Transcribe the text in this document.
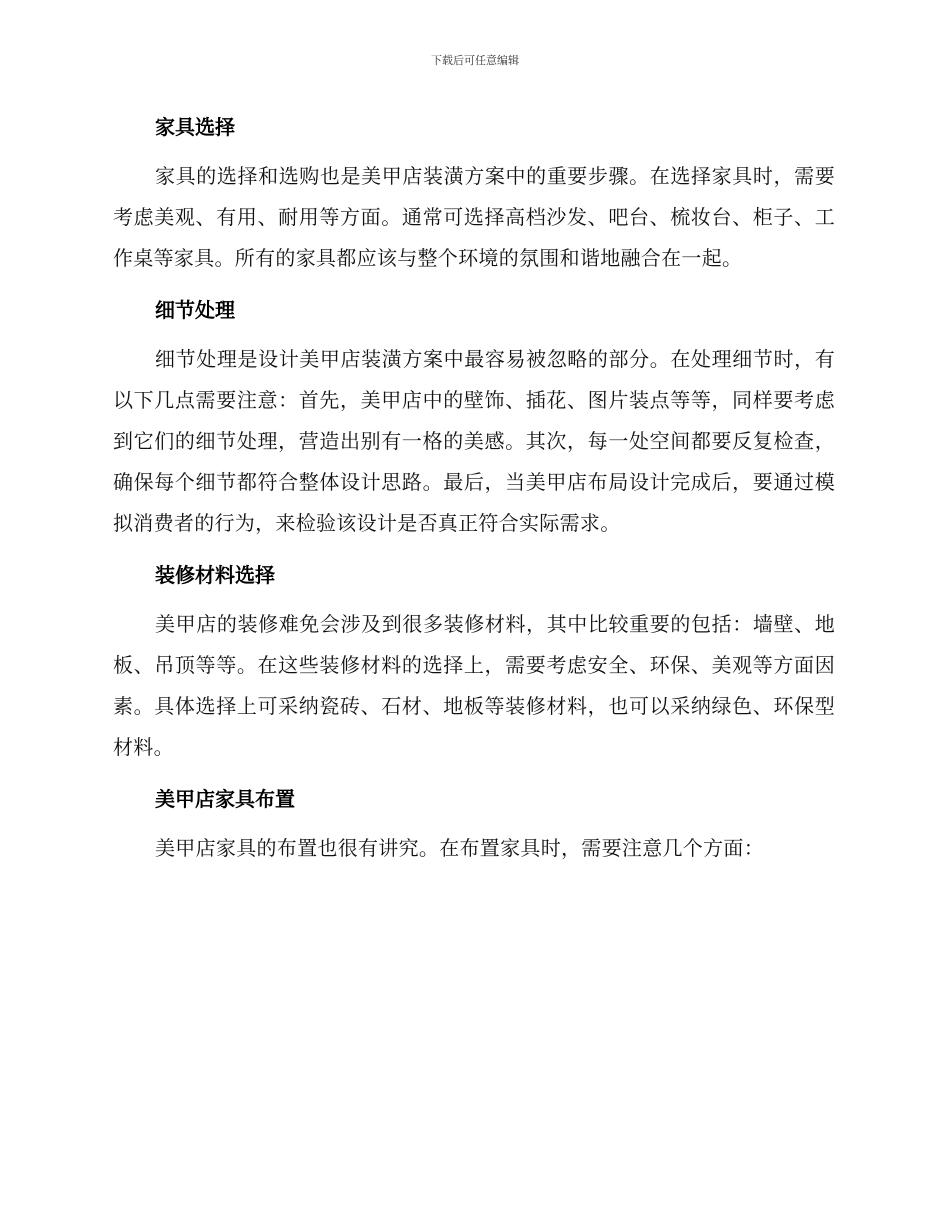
下载后可任意编辑
家具选择

家具的选择和选购也是美甲店装潢方案中的重要步骤。在选择家具时，需要考虑美观、有用、耐用等方面。通常可选择高档沙发、吧台、梳妆台、柜子、工作桌等家具。所有的家具都应该与整个环境的氛围和谐地融合在一起。

细节处理

细节处理是设计美甲店装潢方案中最容易被忽略的部分。在处理细节时，有以下几点需要注意：首先，美甲店中的壁饰、插花、图片装点等等，同样要考虑到它们的细节处理，营造出别有一格的美感。其次，每一处空间都要反复检查，确保每个细节都符合整体设计思路。最后，当美甲店布局设计完成后，要通过模拟消费者的行为，来检验该设计是否真正符合实际需求。

装修材料选择

美甲店的装修难免会涉及到很多装修材料，其中比较重要的包括：墙壁、地板、吊顶等等。在这些装修材料的选择上，需要考虑安全、环保、美观等方面因素。具体选择上可采纳瓷砖、石材、地板等装修材料，也可以采纳绿色、环保型材料。

美甲店家具布置

美甲店家具的布置也很有讲究。在布置家具时，需要注意几个方面：
